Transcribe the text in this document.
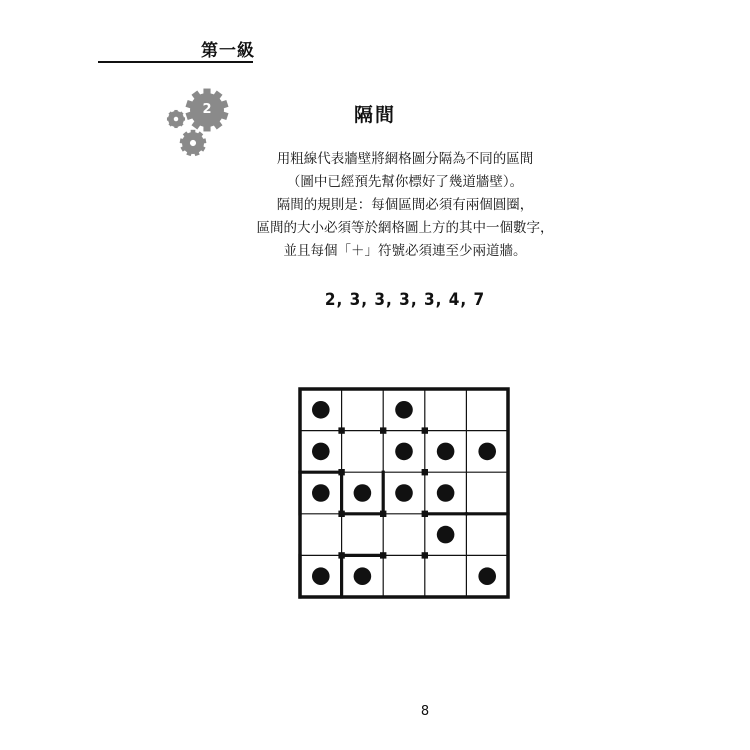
第一級
2	隔間
用粗線代表牆壁將網格圖分隔為不同的區間
（圖中已經預先幫你標好了幾道牆壁）。
隔間的規則是：每個區間必須有兩個圓圈，
區間的大小必須等於網格圖上方的其中一個數字，
並且每個「＋」符號必須連至少兩道牆。
2, 3, 3, 3, 3, 4, 7
8
